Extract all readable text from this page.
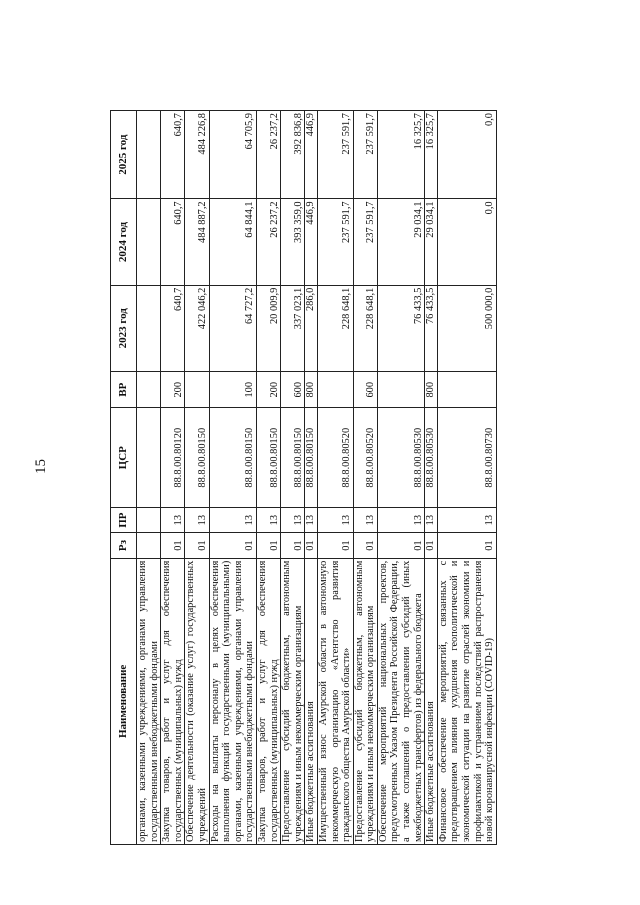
15
Наименование	Рз	ПР	ЦСР	ВР	2023 год	2024 год	2025 год
органами, казенными учреждениями, органами управления государственными внебюджетными фондами							
Закупка товаров, работ и услуг для обеспечения государственных (муниципальных) нужд	01	13	88.8.00.80120	200	640,7	640,7	640,7
Обеспечение деятельности (оказание услуг) государственных учреждений	01	13	88.8.00.80150		422 046,2	484 887,2	484 226,8
Расходы на выплаты персоналу в целях обеспечения выполнения функций государственными (муниципальными) органами, казенными учреждениями, органами управления государственными внебюджетными фондами	01	13	88.8.00.80150	100	64 727,2	64 844,1	64 705,9
Закупка товаров, работ и услуг для обеспечения государственных (муниципальных) нужд	01	13	88.8.00.80150	200	20 009,9	26 237,2	26 237,2
Предоставление субсидий бюджетным, автономным учреждениям и иным некоммерческим организациям	01	13	88.8.00.80150	600	337 023,1	393 359,0	392 836,8
Иные бюджетные ассигнования	01	13	88.8.00.80150	800	286,0	446,9	446,9
Имущественный взнос Амурской области в автономную некоммерческую организацию «Агентство развития гражданского общества Амурской области»	01	13	88.8.00.80520		228 648,1	237 591,7	237 591,7
Предоставление субсидий бюджетным, автономным учреждениям и иным некоммерческим организациям	01	13	88.8.00.80520	600	228 648,1	237 591,7	237 591,7
Обеспечение мероприятий национальных проектов, предусмотренных Указом Президента Российской Федерации, а также соглашений о предоставлении субсидий (иных межбюджетных трансфертов) из федерального бюджета	01	13	88.8.00.80530		76 433,5	29 034,1	16 325,7
Иные бюджетные ассигнования	01	13	88.8.00.80530	800	76 433,5	29 034,1	16 325,7
Финансовое обеспечение мероприятий, связанных с предотвращением влияния ухудшения геополитической и экономической ситуации на развитие отраслей экономики и профилактикой и устранением последствий распространения новой коронавирусной инфекции (COVID-19)	01	13	88.8.00.80730		500 000,0	0,0	0,0
